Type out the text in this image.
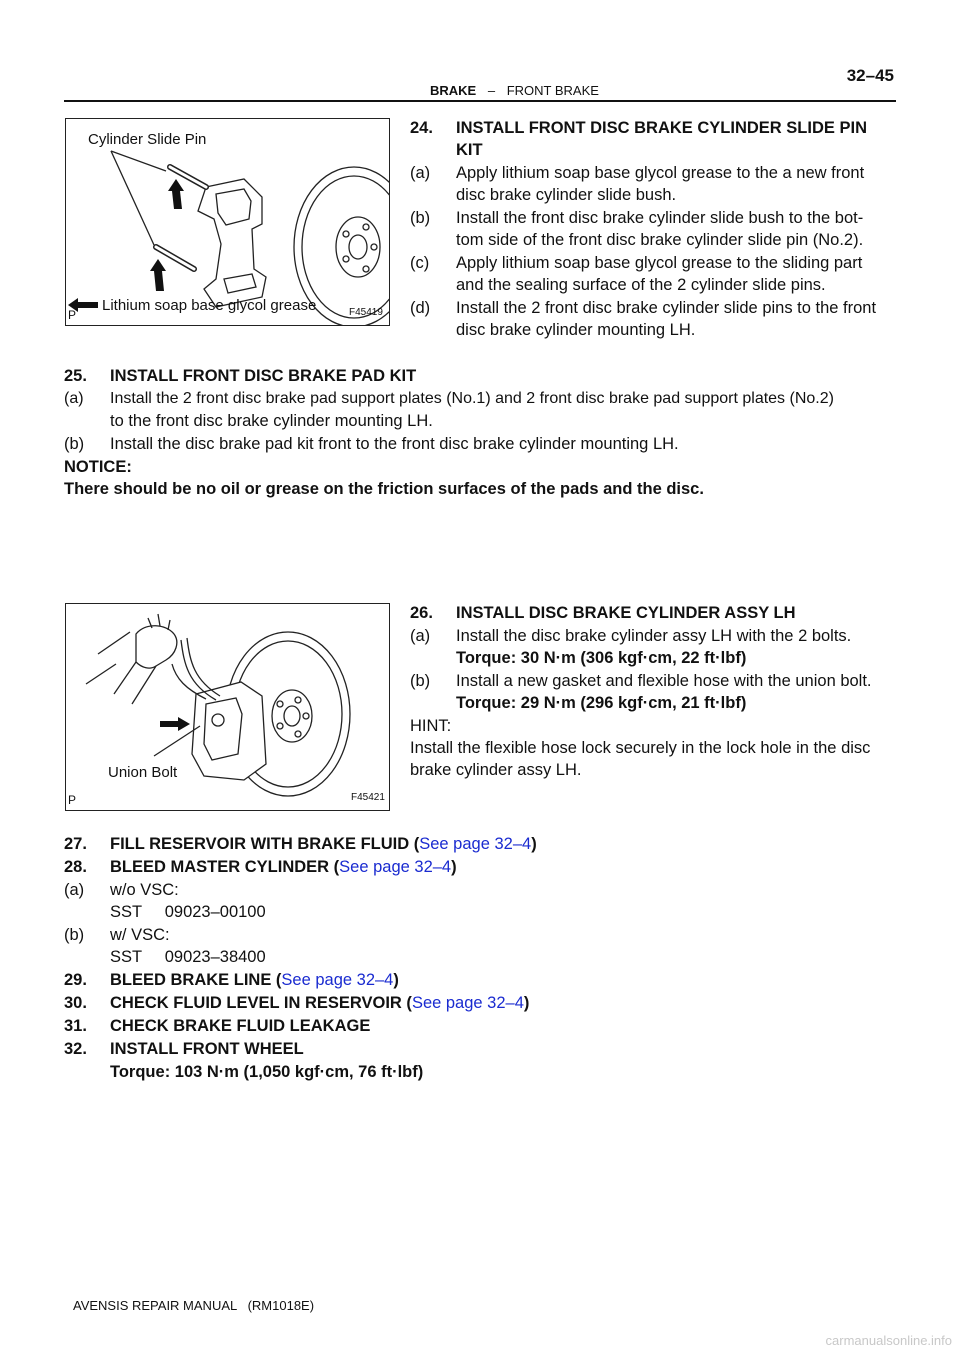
BRAKE – FRONT BRAKE
32–45
Cylinder Slide Pin
Lithium soap base glycol grease	F45419
P
24. INSTALL FRONT DISC BRAKE CYLINDER SLIDE PIN
KIT
(a) Apply lithium soap base glycol grease to the a new front
disc brake cylinder slide bush.
(b) Install the front disc brake cylinder slide bush to the bot-
tom side of the front disc brake cylinder slide pin (No.2).
(c) Apply lithium soap base glycol grease to the sliding part
and the sealing surface of the 2 cylinder slide pins.
(d) Install the 2 front disc brake cylinder slide pins to the front
disc brake cylinder mounting LH.
25. INSTALL FRONT DISC BRAKE PAD KIT
(a) Install the 2 front disc brake pad support plates (No.1) and 2 front disc brake pad support plates (No.2)
to the front disc brake cylinder mounting LH.
(b) Install the disc brake pad kit front to the front disc brake cylinder mounting LH.
NOTICE:
There should be no oil or grease on the friction surfaces of the pads and the disc.
Union Bolt
F45421
P
26. INSTALL DISC BRAKE CYLINDER ASSY LH
(a) Install the disc brake cylinder assy LH with the 2 bolts.
Torque: 30 N·m (306 kgf·cm, 22 ft·lbf)
(b) Install a new gasket and flexible hose with the union bolt.
Torque: 29 N·m (296 kgf·cm, 21 ft·lbf)
HINT:
Install the flexible hose lock securely in the lock hole in the disc
brake cylinder assy LH.
27. FILL RESERVOIR WITH BRAKE FLUID (See page 32–4)
28. BLEED MASTER CYLINDER (See page 32–4)
(a) w/o VSC:
SST     09023–00100
(b) w/ VSC:
SST     09023–38400
29. BLEED BRAKE LINE (See page 32–4)
30. CHECK FLUID LEVEL IN RESERVOIR (See page 32–4)
31. CHECK BRAKE FLUID LEAKAGE
32. INSTALL FRONT WHEEL
Torque: 103 N·m (1,050 kgf·cm, 76 ft·lbf)
AVENSIS REPAIR MANUAL   (RM1018E)
carmanualsonline.info
